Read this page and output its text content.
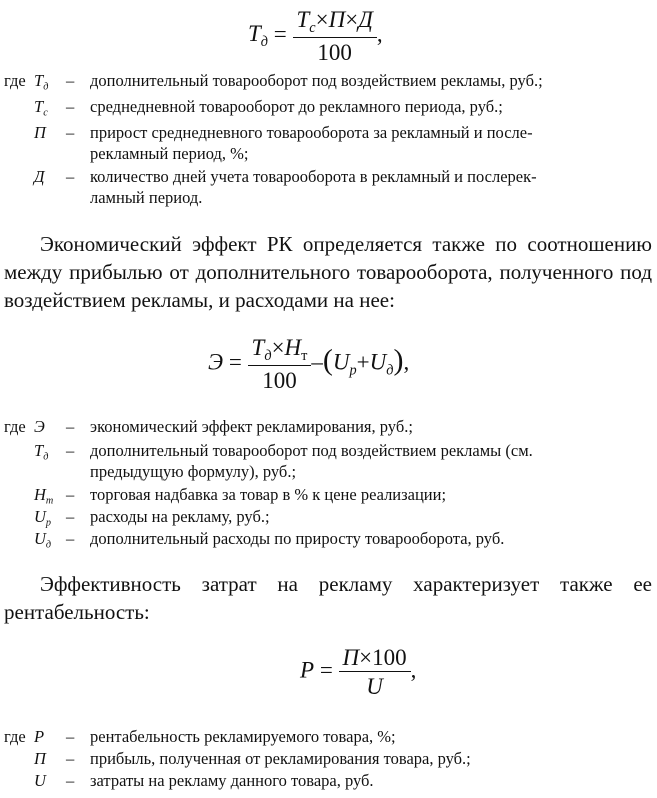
$Т_д = \frac{Т_с\times П\times Д}{100}$ ,
где $Т_д$	– дополнительный товарооборот под воздействием рекламы, руб.;
$Т_с$	– среднедневной товарооборот до рекламного периода, руб.;
П	– прирост среднедневного товарооборота за рекламный и после-
рекламный период, %;
Д	– количество дней учета товарооборота в рекламный и послерек-
ламный период.
Экономический эффект РК определяется также по соотношению между прибылью от дополнительного товарооборота, полученного под воздействием рекламы, и расходами на нее:
$Э = \frac{Т_д\times Н_т}{100} -(U_р+U_д)$,
где Э	– экономический эффект рекламирования, руб.;
$Т_д$	– дополнительный товарооборот под воздействием рекламы (см.
предыдущую формулу), руб.;
$Н_т$ – торговая надбавка за товар в % к цене реализации;
$U_р$ – расходы на рекламу, руб.;
$U_д$ – дополнительный расходы по приросту товарооборота, руб.
Эффективность затрат на рекламу характеризует также ее рентабельность:
$Р = \frac{П\times 100}{U}$ ,
где Р	– рентабельность рекламируемого товара, %;
П	– прибыль, полученная от рекламирования товара, руб.;
U	– затраты на рекламу данного товара, руб.
